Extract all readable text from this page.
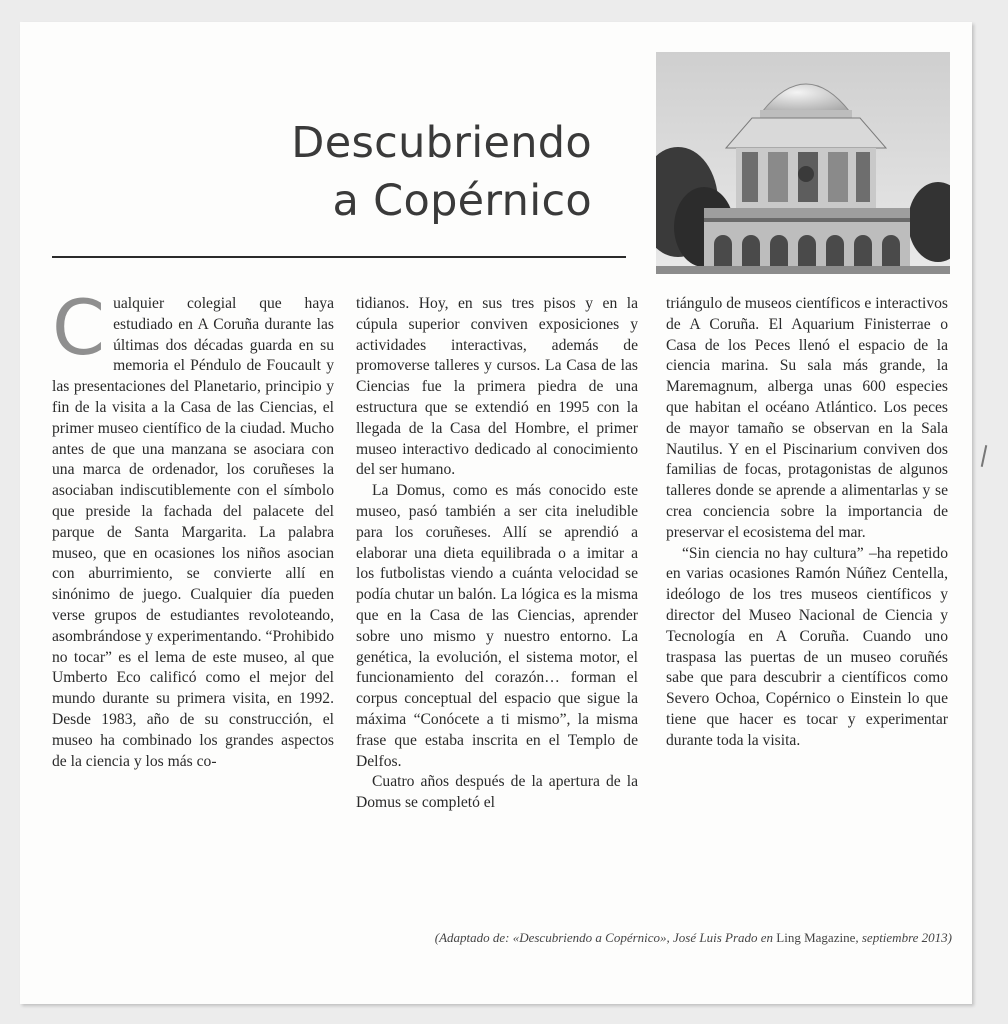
Descubriendo
a Copérnico
C ualquier colegial que haya estudiado en A Coruña durante las últimas dos décadas guarda en su memoria el Péndulo de Foucault y las presentaciones del Planetario, principio y fin de la visita a la Casa de las Ciencias, el primer museo científico de la ciudad. Mucho antes de que una manzana se asociara con una marca de ordenador, los coruñeses la asociaban indiscutiblemente con el símbolo que preside la fachada del palacete del parque de Santa Margarita. La palabra museo, que en ocasiones los niños asocian con aburrimiento, se convierte allí en sinónimo de juego. Cualquier día pueden verse grupos de estudiantes revoloteando, asombrándose y experimentando. “Prohibido no tocar” es el lema de este museo, al que Umberto Eco calificó como el mejor del mundo durante su primera visita, en 1992. Desde 1983, año de su construcción, el museo ha combinado los grandes aspectos de la ciencia y los más co-

tidianos. Hoy, en sus tres pisos y en la cúpula superior conviven exposiciones y actividades interactivas, además de promoverse talleres y cursos. La Casa de las Ciencias fue la primera piedra de una estructura que se extendió en 1995 con la llegada de la Casa del Hombre, el primer museo interactivo dedicado al conocimiento del ser humano.

La Domus, como es más conocido este museo, pasó también a ser cita ineludible para los coruñeses. Allí se aprendió a elaborar una dieta equilibrada o a imitar a los futbolistas viendo a cuánta velocidad se podía chutar un balón. La lógica es la misma que en la Casa de las Ciencias, aprender sobre uno mismo y nuestro entorno. La genética, la evolución, el sistema motor, el funcionamiento del corazón… forman el corpus conceptual del espacio que sigue la máxima “Conócete a ti mismo”, la misma frase que estaba inscrita en el Templo de Delfos.

Cuatro años después de la apertura de la Domus se completó el

triángulo de museos científicos e interactivos de A Coruña. El Aquarium Finisterrae o Casa de los Peces llenó el espacio de la ciencia marina. Su sala más grande, la Maremagnum, alberga unas 600 especies que habitan el océano Atlántico. Los peces de mayor tamaño se observan en la Sala Nautilus. Y en el Piscinarium conviven dos familias de focas, protagonistas de algunos talleres donde se aprende a alimentarlas y se crea conciencia sobre la importancia de preservar el ecosistema del mar.

“Sin ciencia no hay cultura” –ha repetido en varias ocasiones Ramón Núñez Centella, ideólogo de los tres museos científicos y director del Museo Nacional de Ciencia y Tecnología en A Coruña. Cuando uno traspasa las puertas de un museo coruñés sabe que para descubrir a científicos como Severo Ochoa, Copérnico o Einstein lo que tiene que hacer es tocar y experimentar durante toda la visita.

(Adaptado de: «Descubriendo a Copérnico», José Luis Prado en Ling Magazine, septiembre 2013)
